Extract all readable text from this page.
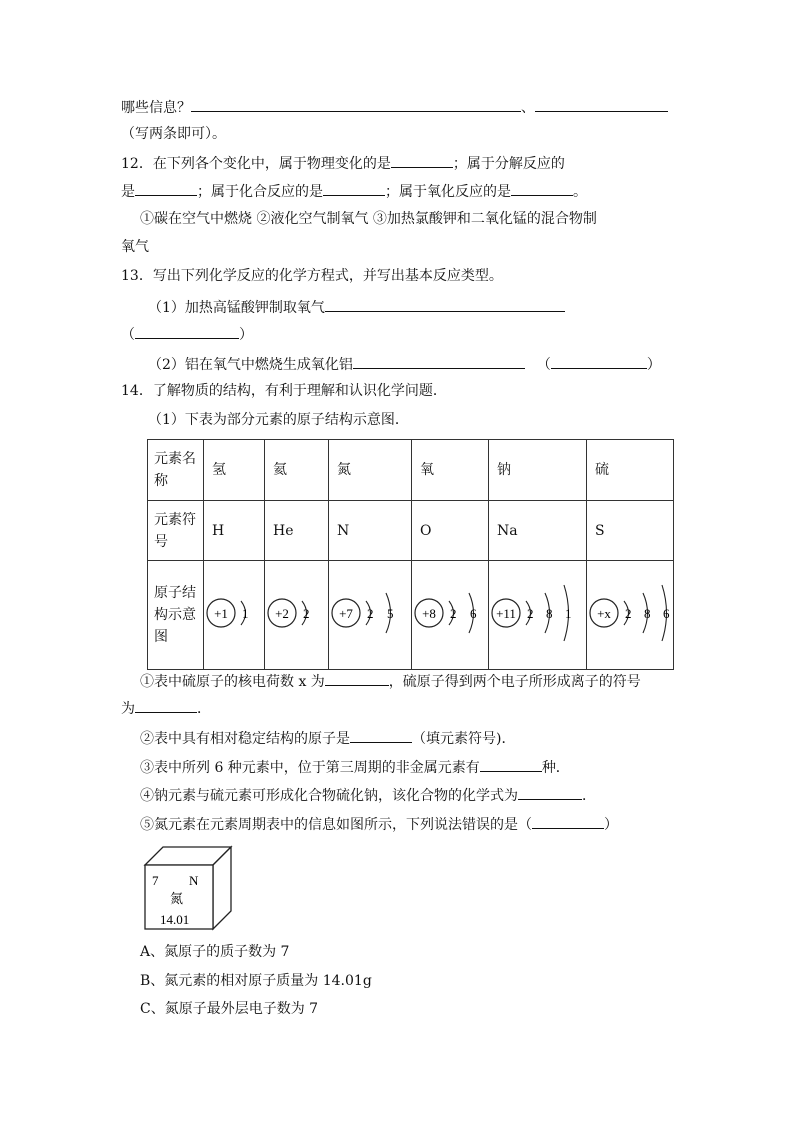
哪些信息？	、
（写两条即可）。
12．在下列各个变化中，属于物理变化的是	；属于分解反应的
是	；属于化合反应的是	；属于氧化反应的是	。
①碳在空气中燃烧 ②液化空气制氧气 ③加热氯酸钾和二氧化锰的混合物制
氧气
13．写出下列化学反应的化学方程式，并写出基本反应类型。
（1）加热高锰酸钾制取氧气
（	）
（2）铝在氧气中燃烧生成氧化铝	（	）
14．了解物质的结构，有利于理解和认识化学问题．
（1）下表为部分元素的原子结构示意图．
元素名称	氢	氦	氮	氧	钠	硫
元素符号	H	He	N	O	Na	S
原子结构示意图	+1 1	+2 2	+7 2 5	+8 2 6	+11 2 8 1	+x 2 8 6
①表中硫原子的核电荷数 x 为	，硫原子得到两个电子所形成离子的符号
为	．
②表中具有相对稳定结构的原子是	（填元素符号)．
③表中所列 6 种元素中，位于第三周期的非金属元素有	种．
④钠元素与硫元素可形成化合物硫化钠，该化合物的化学式为	．
⑤氮元素在元素周期表中的信息如图所示，下列说法错误的是（	）
7 N
氮
14.01
A、氮原子的质子数为 7
B、氮元素的相对原子质量为 14.01g
C、氮原子最外层电子数为 7
